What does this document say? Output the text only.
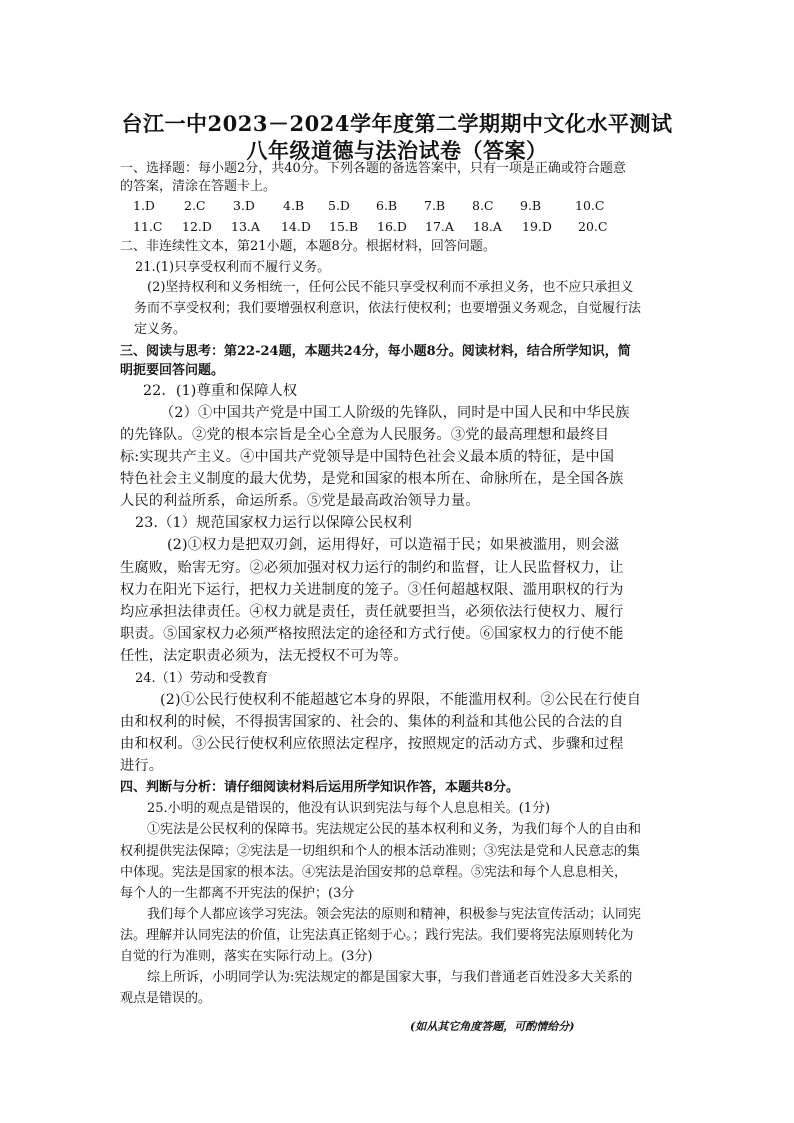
台江一中2023－2024学年度第二学期期中文化水平测试
八年级道德与法治试卷（答案）
一、选择题：每小题2分，共40分。下列各题的备选答案中，只有一项是正确或符合题意
的答案，清涂在答题卡上。
1.D 2.C 3.D 4.B 5.D 6.B 7.B 8.C 9.B	10.C
11.C 12.D 13.A 14.D 15.B 16.D 17.A 18.A 19.D 20.C
二、非连续性文本，第21小题，本题8分。根据材料，回答问题。
21.(1)只享受权利而不履行义务。
(2)坚持权利和义务相统一，任何公民不能只享受权利而不承担义务，也不应只承担义
务而不享受权利；我们要增强权利意识，依法行使权利；也要增强义务观念，自觉履行法
定义务。
三、阅读与思考：第22-24题，本题共24分，每小题8分。阅读材料，结合所学知识，简
明扼要回答问题。
22．(1)尊重和保障人权
（2）①中国共产党是中国工人阶级的先锋队，同时是中国人民和中华民族
的先锋队。②党的根本宗旨是全心全意为人民服务。③党的最高理想和最终目
标:实现共产主义。④中国共产党领导是中国特色社会义最本质的特征，是中国
特色社会主义制度的最大优势，是党和国家的根本所在、命脉所在，是全国各族
人民的利益所系，命运所系。⑤党是最高政治领导力量。
23.（1）规范国家权力运行以保障公民权利
(2)①权力是把双刃剑，运用得好，可以造福于民；如果被滥用，则会滋
生腐败，贻害无穷。②必须加强对权力运行的制约和监督，让人民监督权力，让
权力在阳光下运行，把权力关进制度的笼子。③任何超越权限、滥用职权的行为
均应承担法律责任。④权力就是责任，责任就要担当，必须依法行使权力、履行
职责。⑤国家权力必须严格按照法定的途径和方式行使。⑥国家权力的行使不能
任性，法定职责必须为，法无授权不可为等。
24.（1）劳动和受教育
(2)①公民行使权利不能超越它本身的界限，不能滥用权利。②公民在行使自
由和权利的时候，不得损害国家的、社会的、集体的利益和其他公民的合法的自
由和权利。③公民行使权利应依照法定程序，按照规定的活动方式、步骤和过程
进行。
四、判断与分析：请仔细阅读材料后运用所学知识作答，本题共8分。
25.小明的观点是错误的，他没有认识到宪法与每个人息息相关。(1分)
①宪法是公民权利的保障书。宪法规定公民的基本权利和义务，为我们每个人的自由和
权利提供宪法保障；②宪法是一切组织和个人的根本活动准则；③宪法是党和人民意志的集
中体现。宪法是国家的根本法。④宪法是治国安邦的总章程。⑤宪法和每个人息息相关，
每个人的一生都离不开宪法的保护；(3分
我们每个人都应该学习宪法。领会宪法的原则和精神，积极参与宪法宣传活动；认同宪
法。理解并认同宪法的价值，让宪法真正铭刻于心。；践行宪法。我们要将宪法原则转化为
自觉的行为准则，落实在实际行动上。(3分)
综上所诉，小明同学认为:宪法规定的都是国家大事，与我们普通老百姓没多大关系的
观点是错误的。
(如从其它角度答题，可酌情给分)
